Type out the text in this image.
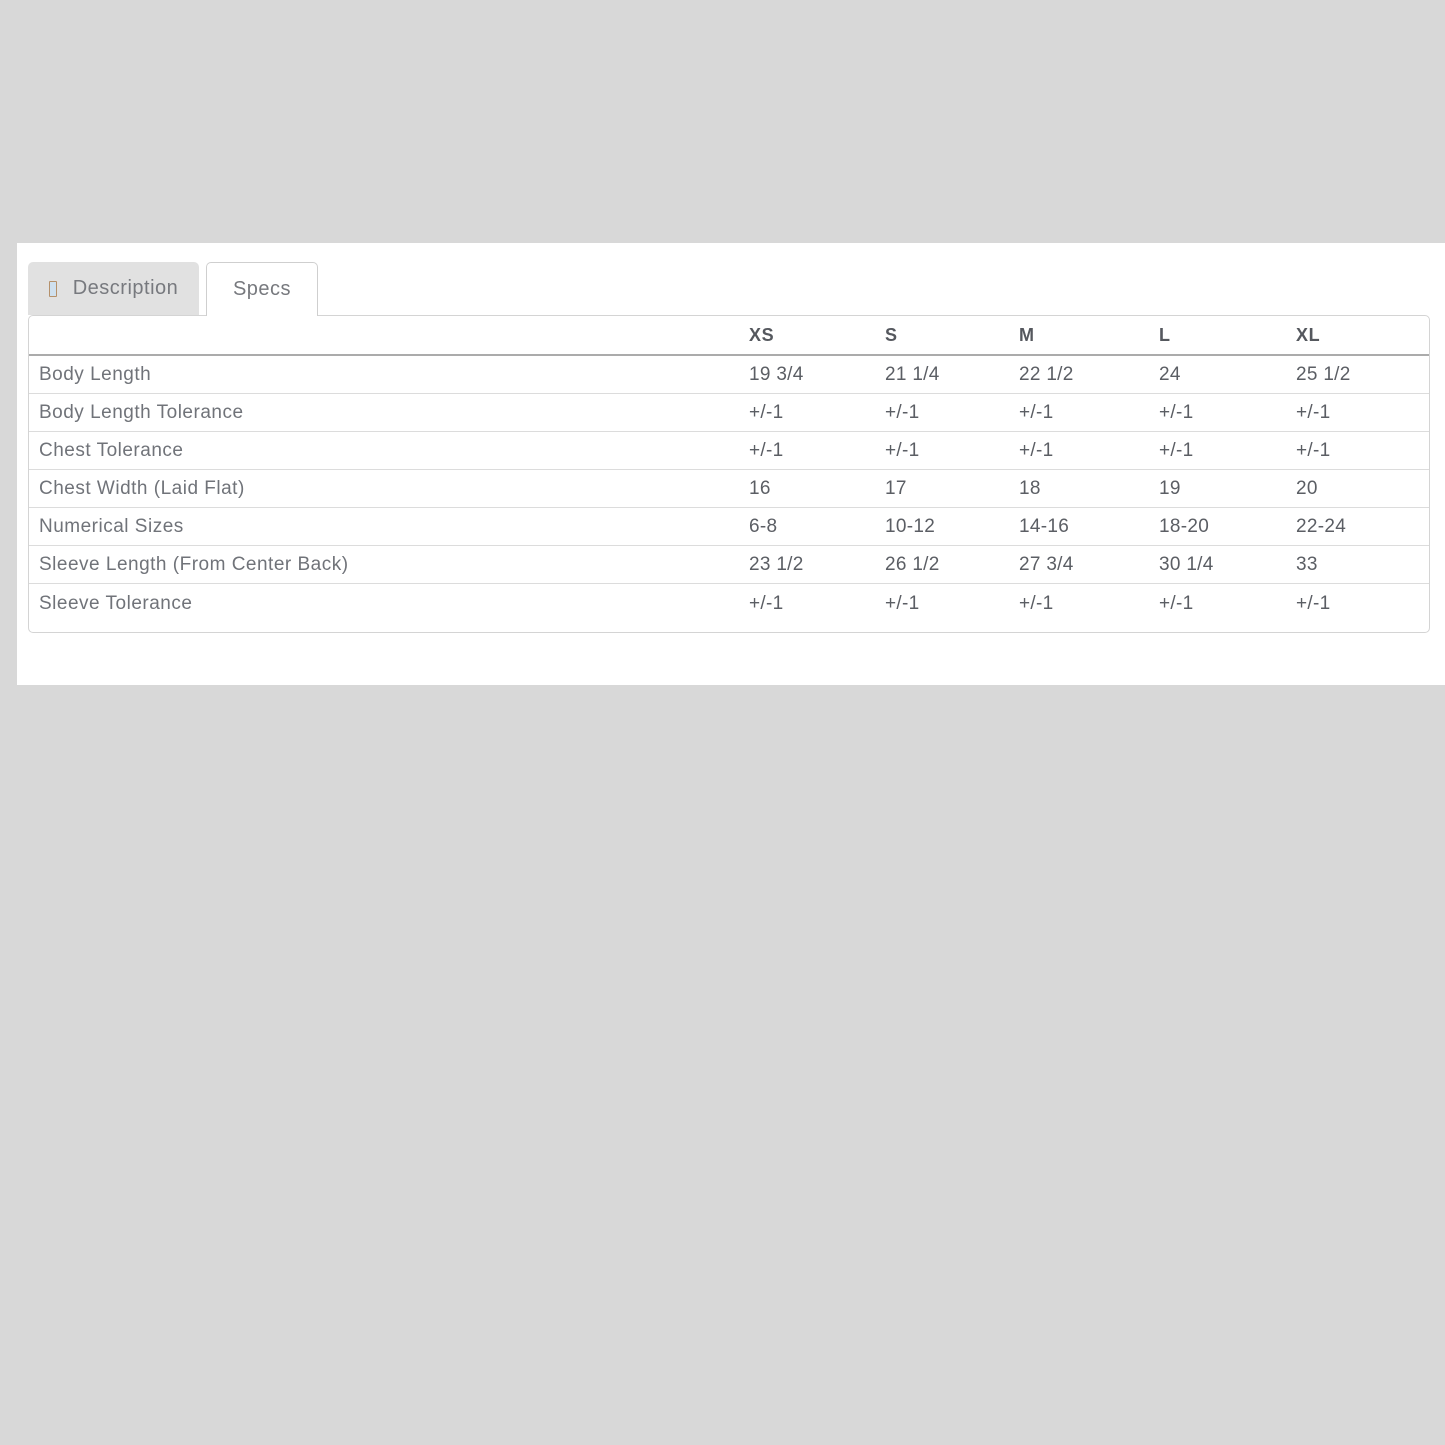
Description	Specs
	XS	S	M	L	XL
Body Length	19 3/4	21 1/4	22 1/2	24	25 1/2
Body Length Tolerance	+/-1	+/-1	+/-1	+/-1	+/-1
Chest Tolerance	+/-1	+/-1	+/-1	+/-1	+/-1
Chest Width (Laid Flat)	16	17	18	19	20
Numerical Sizes	6-8	10-12	14-16	18-20	22-24
Sleeve Length (From Center Back)	23 1/2	26 1/2	27 3/4	30 1/4	33
Sleeve Tolerance	+/-1	+/-1	+/-1	+/-1	+/-1
